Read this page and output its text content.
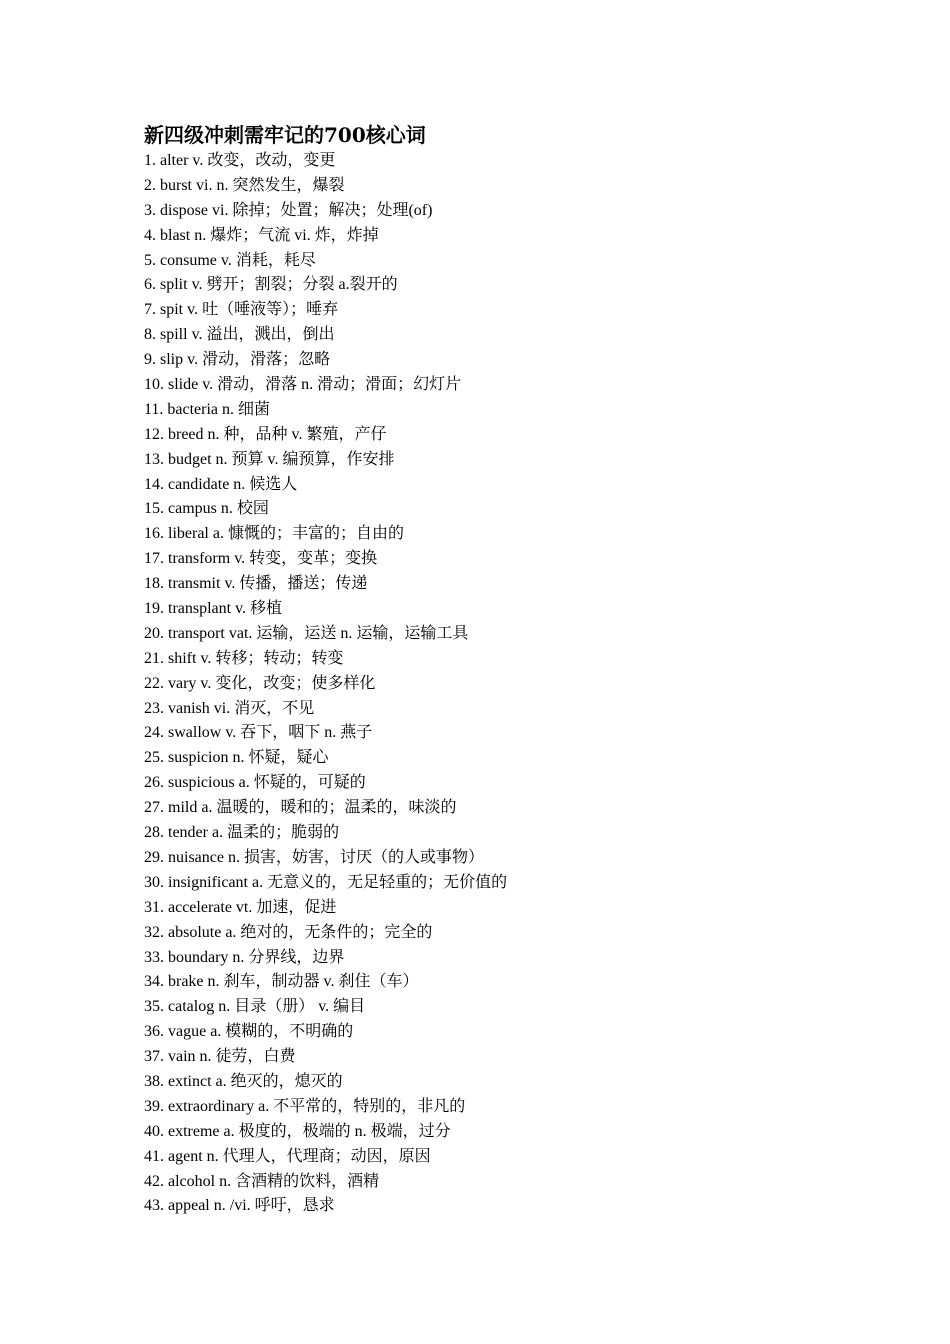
新四级冲刺需牢记的700核心词
1. alter v. 改变，改动，变更
2. burst vi. n. 突然发生，爆裂
3. dispose vi. 除掉；处置；解决；处理(of)
4. blast n. 爆炸；气流 vi. 炸，炸掉
5. consume v. 消耗，耗尽
6. split v. 劈开；割裂；分裂 a.裂开的
7. spit v. 吐（唾液等）；唾弃
8. spill v. 溢出，溅出，倒出
9. slip v. 滑动，滑落；忽略
10. slide v. 滑动，滑落 n. 滑动；滑面；幻灯片
11. bacteria n. 细菌
12. breed n. 种，品种 v. 繁殖，产仔
13. budget n. 预算 v. 编预算，作安排
14. candidate n. 候选人
15. campus n. 校园
16. liberal a. 慷慨的；丰富的；自由的
17. transform v. 转变，变革；变换
18. transmit v. 传播，播送；传递
19. transplant v. 移植
20. transport vat. 运输，运送 n. 运输，运输工具
21. shift v. 转移；转动；转变
22. vary v. 变化，改变；使多样化
23. vanish vi. 消灭，不见
24. swallow v. 吞下，咽下 n. 燕子
25. suspicion n. 怀疑，疑心
26. suspicious a. 怀疑的，可疑的
27. mild a. 温暖的，暖和的；温柔的，味淡的
28. tender a. 温柔的；脆弱的
29. nuisance n. 损害，妨害，讨厌（的人或事物）
30. insignificant a. 无意义的，无足轻重的；无价值的
31. accelerate vt. 加速，促进
32. absolute a. 绝对的，无条件的；完全的
33. boundary n. 分界线，边界
34. brake n. 刹车，制动器 v. 刹住（车）
35. catalog n. 目录（册） v. 编目
36. vague a. 模糊的，不明确的
37. vain n. 徒劳，白费
38. extinct a. 绝灭的，熄灭的
39. extraordinary a. 不平常的，特别的，非凡的
40. extreme a. 极度的，极端的 n. 极端，过分
41. agent n. 代理人，代理商；动因，原因
42. alcohol n. 含酒精的饮料，酒精
43. appeal n. /vi. 呼吁，恳求
